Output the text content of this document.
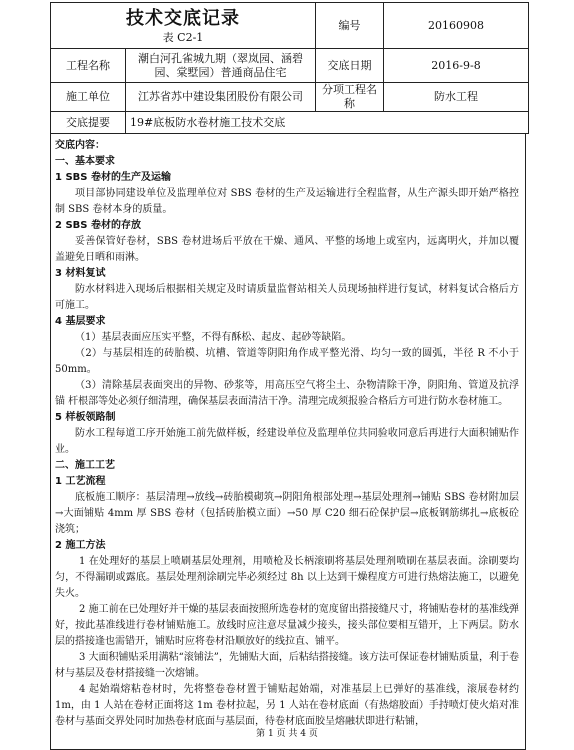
技术交底记录
表 C2-1		编号	20160908
工程名称	潮白河孔雀城九期（翠岚园、涵碧
园、棠墅园）普通商品住宅	交底日期	2016-9-8
施工单位	江苏省苏中建设集团股份有限公司	分项工程名称	防水工程
交底提要	19#底板防水卷材施工技术交底		

交底内容：

一、基本要求

1 SBS 卷材的生产及运输

项目部协同建设单位及监理单位对 SBS 卷材的生产及运输进行全程监督，从生产源头即开始严格控制 SBS 卷材本身的质量。

2 SBS 卷材的存放

妥善保管好卷材，SBS 卷材进场后平放在干燥、通风、平整的场地上或室内，远离明火，并加以覆盖避免日晒和雨淋。

3 材料复试

防水材料进入现场后根据相关规定及时请质量监督站相关人员现场抽样进行复试，材料复试合格后方可施工。

4 基层要求

（1）基层表面应压实平整，不得有酥松、起皮、起砂等缺陷。

（2）与基层相连的砖胎模、坑槽、管道等阴阳角作成平整光滑、均匀一致的圆弧，半径 R 不小于 50mm。

（3）清除基层表面突出的异物、砂浆等，用高压空气将尘土、杂物清除干净，阴阳角、管道及抗浮锚 杆根部等处必须仔细清理，确保基层表面清洁干净。清理完成须报验合格后方可进行防水卷材施工。

5 样板领路制

防水工程每道工序开始施工前先做样板，经建设单位及监理单位共同验收同意后再进行大面积铺贴作业。

二、施工工艺

1 工艺流程

底板施工顺序：基层清理→放线→砖胎模砌筑→阴阳角根部处理→基层处理剂→铺贴 SBS 卷材附加层→大面铺贴 4mm 厚 SBS 卷材（包括砖胎模立面）→50 厚 C20 细石砼保护层→底板钢筋绑扎→底板砼浇筑；

2 施工方法

1 在处理好的基层上喷刷基层处理剂，用喷枪及长柄滚刷将基层处理剂喷刷在基层表面。涂刷要均匀，不得漏刷或露底。基层处理剂涂刷完毕必须经过 8h 以上达到干燥程度方可进行热熔法施工，以避免失火。

2 施工前在已处理好并干燥的基层表面按照所选卷材的宽度留出搭接缝尺寸，将铺贴卷材的基准线弹好，按此基准线进行卷材铺贴施工。放线时应注意尽量减少接头，接头部位要相互错开，上下两层。防水层的搭接逢也需错开，铺贴时应将卷材沿顺放好的线拉直、铺平。

3 大面积铺贴采用满粘“滚铺法”，先铺贴大面，后粘结搭接缝。该方法可保证卷材铺贴质量，利于卷材与基层及卷材搭接缝一次熔铺。

4 起始端熔粘卷材时，先将整卷卷材置于铺贴起始端，对准基层上已弹好的基准线，滚展卷材约 1m，由 1 人站在卷材正面将这 1m 卷材拉起，另 1 人站在卷材底面（有热熔胶面）手持喷灯使火焰对准卷材与基面交界处同时加热卷材底面与基层面，待卷材底面胶呈熔融状即进行粘铺，

第 1 页 共 4 页
